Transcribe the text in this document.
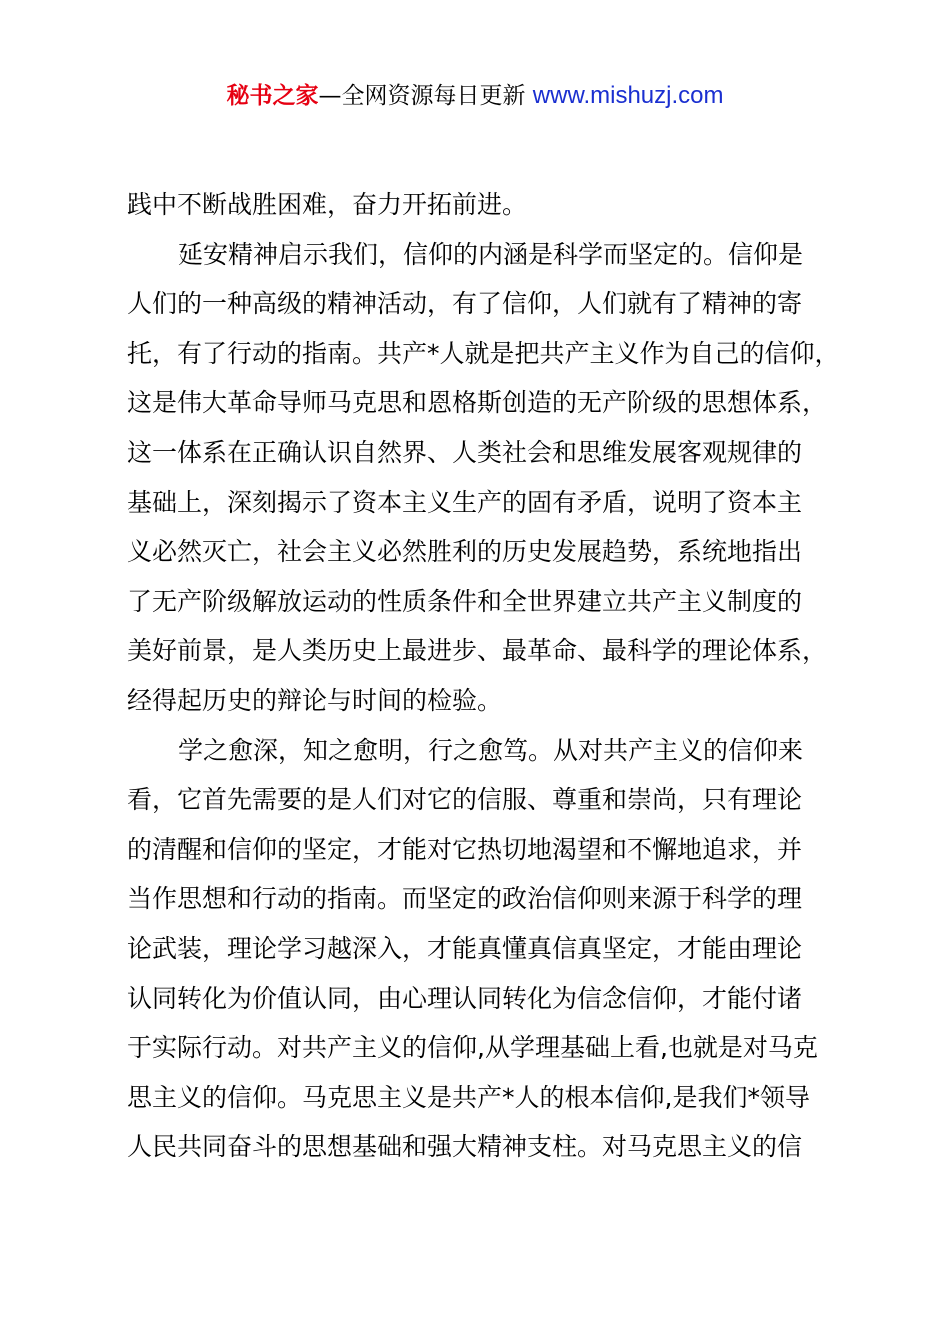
秘书之家—全网资源每日更新 www.mishuzj.com
践中不断战胜困难，奋力开拓前进。
延安精神启示我们，信仰的内涵是科学而坚定的。信仰是
人们的一种高级的精神活动，有了信仰，人们就有了精神的寄
托，有了行动的指南。共产*人就是把共产主义作为自己的信仰，
这是伟大革命导师马克思和恩格斯创造的无产阶级的思想体系，
这一体系在正确认识自然界、人类社会和思维发展客观规律的
基础上，深刻揭示了资本主义生产的固有矛盾，说明了资本主
义必然灭亡，社会主义必然胜利的历史发展趋势，系统地指出
了无产阶级解放运动的性质条件和全世界建立共产主义制度的
美好前景，是人类历史上最进步、最革命、最科学的理论体系，
经得起历史的辩论与时间的检验。
学之愈深，知之愈明，行之愈笃。从对共产主义的信仰来
看，它首先需要的是人们对它的信服、尊重和崇尚，只有理论
的清醒和信仰的坚定，才能对它热切地渴望和不懈地追求，并
当作思想和行动的指南。而坚定的政治信仰则来源于科学的理
论武装，理论学习越深入，才能真懂真信真坚定，才能由理论
认同转化为价值认同，由心理认同转化为信念信仰，才能付诸
于实际行动。对共产主义的信仰,从学理基础上看,也就是对马克
思主义的信仰。马克思主义是共产*人的根本信仰,是我们*领导
人民共同奋斗的思想基础和强大精神支柱。对马克思主义的信
